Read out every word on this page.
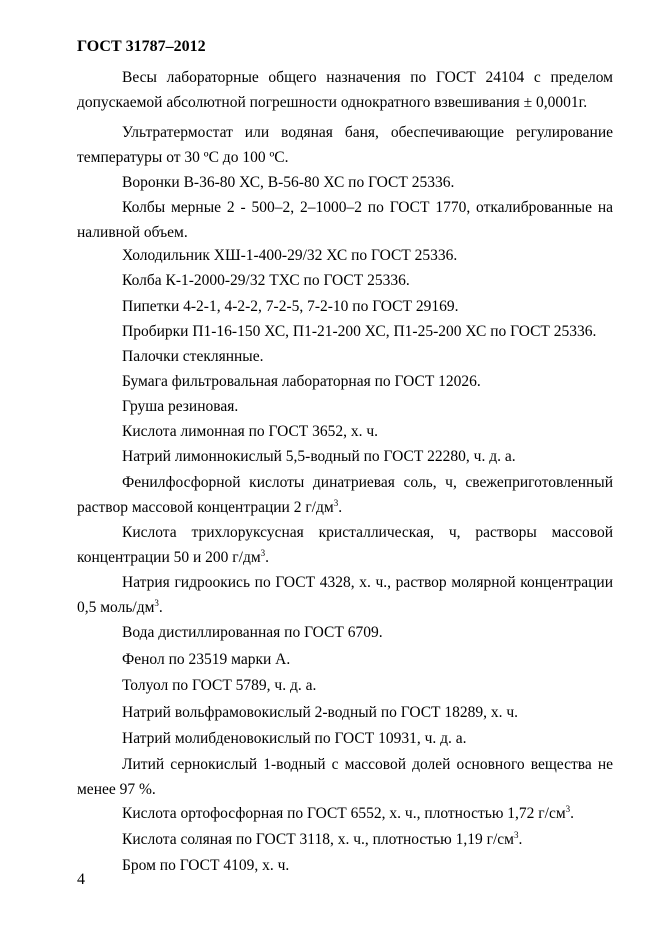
ГОСТ 31787–2012
Весы лабораторные общего назначения по ГОСТ 24104 с пределом допускаемой абсолютной погрешности однократного взвешивания ± 0,0001г.
Ультратермостат или водяная баня, обеспечивающие регулирование температуры от 30 ºС до 100 ºС.
Воронки В-36-80 ХС, В-56-80 ХС по ГОСТ 25336.
Колбы мерные 2 - 500–2, 2–1000–2 по ГОСТ 1770, откалиброванные на наливной объем.
Холодильник ХШ-1-400-29/32 ХС по ГОСТ 25336.
Колба К-1-2000-29/32 ТХС по ГОСТ 25336.
Пипетки 4-2-1, 4-2-2, 7-2-5, 7-2-10 по ГОСТ 29169.
Пробирки П1-16-150 ХС, П1-21-200 ХС, П1-25-200 ХС по ГОСТ 25336.
Палочки стеклянные.
Бумага фильтровальная лабораторная по ГОСТ 12026.
Груша резиновая.
Кислота лимонная по ГОСТ 3652, х. ч.
Натрий лимоннокислый 5,5-водный по ГОСТ 22280, ч. д. а.
Фенилфосфорной кислоты динатриевая соль, ч, свежеприготовленный раствор массовой концентрации 2 $г/дм^3$.
Кислота трихлоруксусная кристаллическая, ч, растворы массовой концентрации 50 и 200 $г/дм^3$.
Натрия гидроокись по ГОСТ 4328, х. ч., раствор молярной концентрации 0,5 моль/$дм^3$.
Вода дистиллированная по ГОСТ 6709.
Фенол по 23519 марки А.
Толуол по ГОСТ 5789, ч. д. а.
Натрий вольфрамовокислый 2-водный по ГОСТ 18289, х. ч.
Натрий молибденовокислый по ГОСТ 10931, ч. д. а.
Литий сернокислый 1-водный с массовой долей основного вещества не менее 97 %.
Кислота ортофосфорная по ГОСТ 6552, х. ч., плотностью 1,72 $г/см^3$.
Кислота соляная по ГОСТ 3118, х. ч., плотностью 1,19 $г/см^3$.
Бром по ГОСТ 4109, х. ч.
4
